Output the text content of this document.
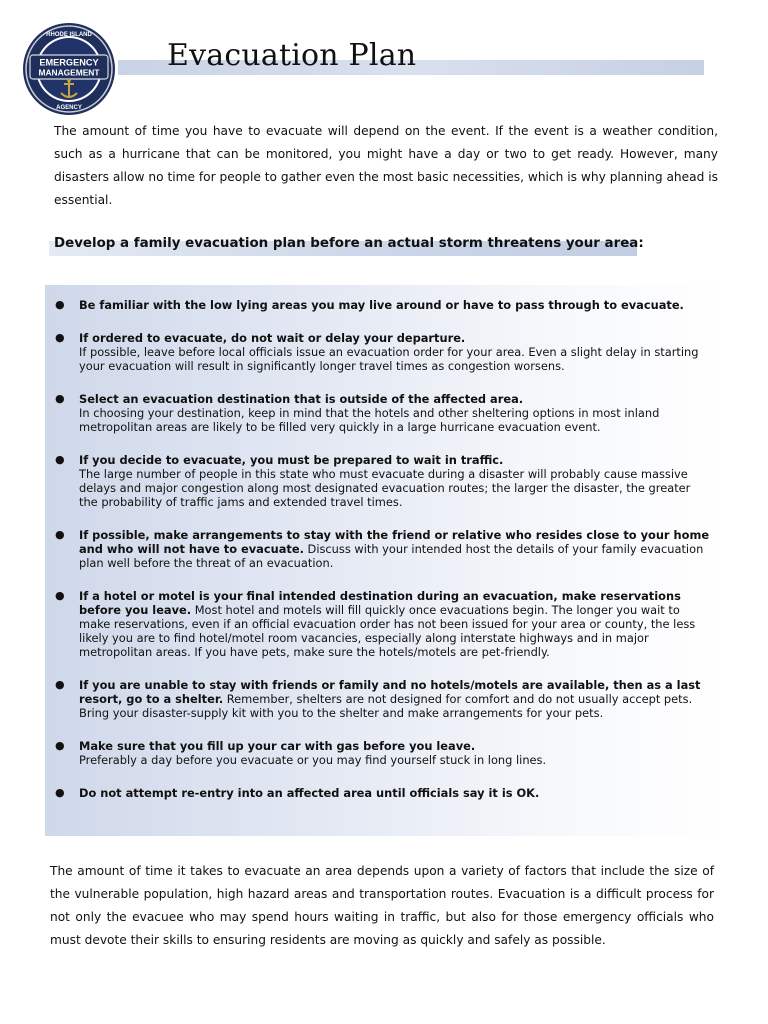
EMERGENCY
MANAGEMENT
RHODE ISLAND
AGENCY
Evacuation Plan

The amount of time you have to evacuate will depend on the event. If the event is a weather condition, such as a hurricane that can be monitored, you might have a day or two to get ready. However, many disasters allow no time for people to gather even the most basic necessities, which is why planning ahead is essential.

Develop a family evacuation plan before an actual storm threatens your area:
● Be familiar with the low lying areas you may live around or have to pass through to evacuate.
● If ordered to evacuate, do not wait or delay your departure.
If possible, leave before local officials issue an evacuation order for your area. Even a slight delay in starting your evacuation will result in significantly longer travel times as congestion worsens.
● Select an evacuation destination that is outside of the affected area.
In choosing your destination, keep in mind that the hotels and other sheltering options in most inland metropolitan areas are likely to be filled very quickly in a large hurricane evacuation event.
● If you decide to evacuate, you must be prepared to wait in traffic.
The large number of people in this state who must evacuate during a disaster will probably cause massive delays and major congestion along most designated evacuation routes; the larger the disaster, the greater the probability of traffic jams and extended travel times.
● If possible, make arrangements to stay with the friend or relative who resides close to your home and who will not have to evacuate. Discuss with your intended host the details of your family evacuation plan well before the threat of an evacuation.
● If a hotel or motel is your final intended destination during an evacuation, make reservations before you leave. Most hotel and motels will fill quickly once evacuations begin. The longer you wait to make reservations, even if an official evacuation order has not been issued for your area or county, the less likely you are to find hotel/motel room vacancies, especially along interstate highways and in major metropolitan areas. If you have pets, make sure the hotels/motels are pet-friendly.
● If you are unable to stay with friends or family and no hotels/motels are available, then as a last resort, go to a shelter. Remember, shelters are not designed for comfort and do not usually accept pets. Bring your disaster-supply kit with you to the shelter and make arrangements for your pets.
● Make sure that you fill up your car with gas before you leave.
Preferably a day before you evacuate or you may find yourself stuck in long lines.
● Do not attempt re-entry into an affected area until officials say it is OK.

The amount of time it takes to evacuate an area depends upon a variety of factors that include the size of the vulnerable population, high hazard areas and transportation routes. Evacuation is a difficult process for not only the evacuee who may spend hours waiting in traffic, but also for those emergency officials who must devote their skills to ensuring residents are moving as quickly and safely as possible.
